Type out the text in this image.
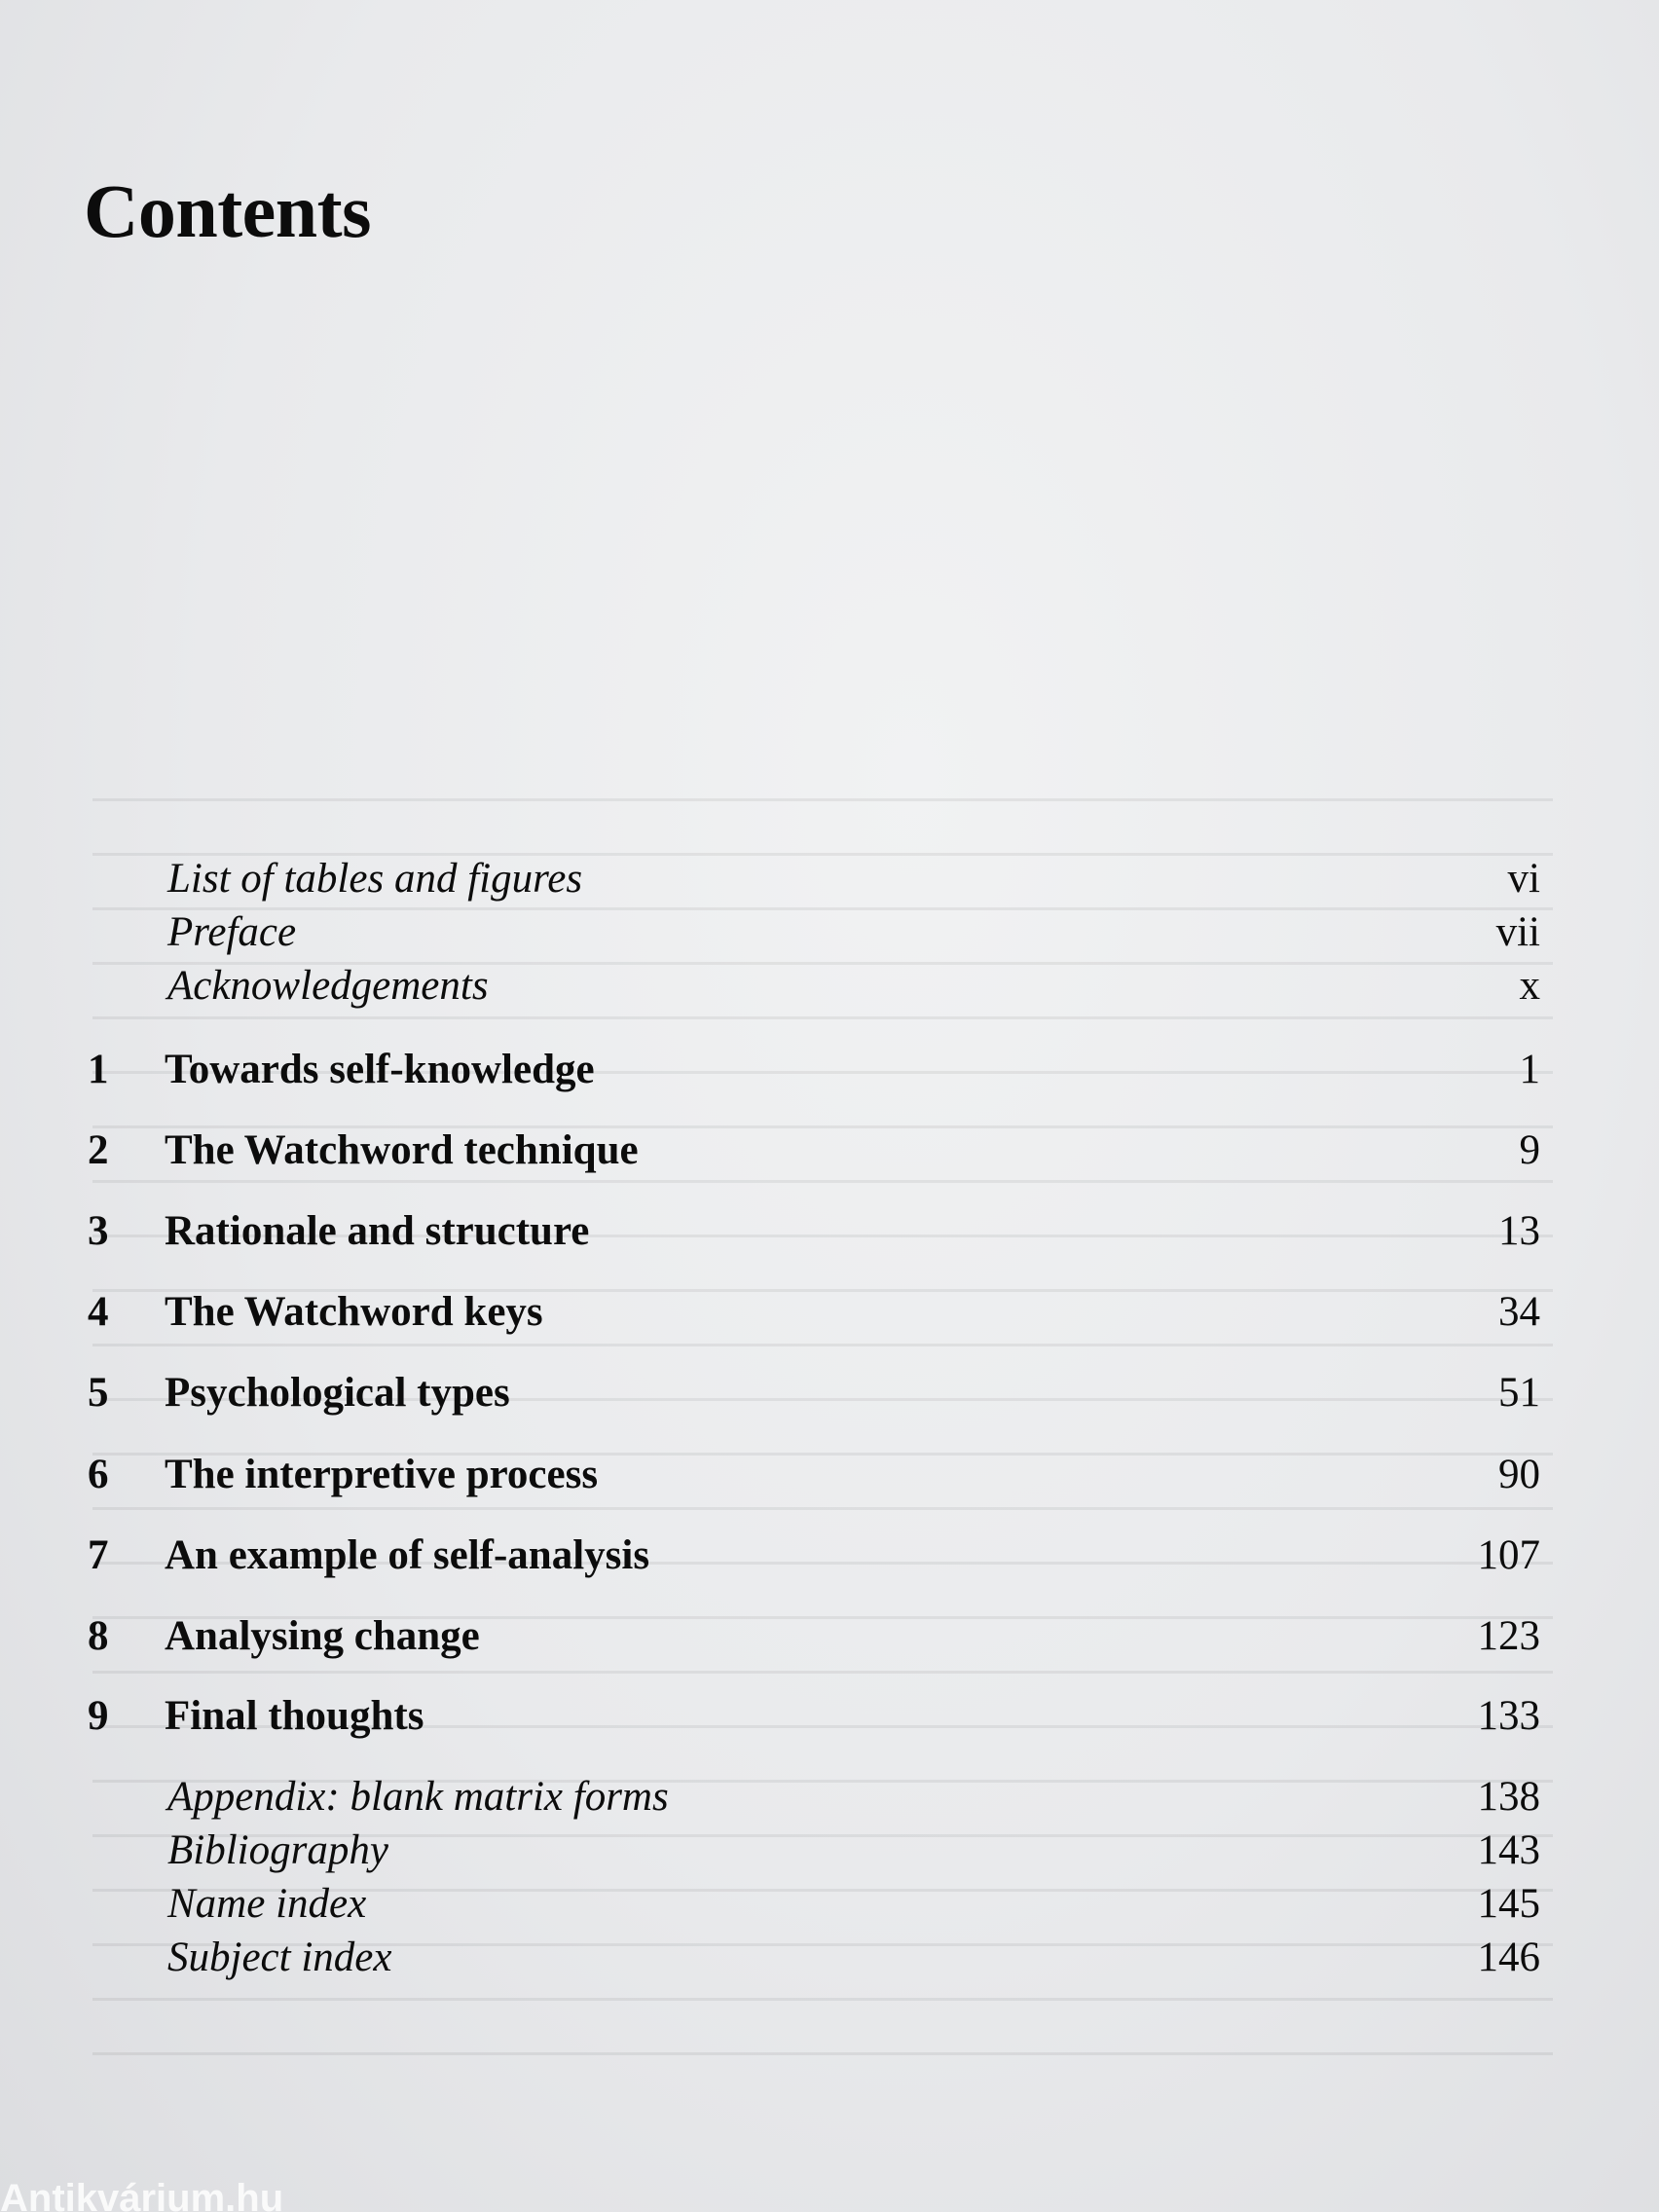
Contents
List of tables and figures	vi
Preface	vii
Acknowledgements	x
1 Towards self-knowledge	1
2 The Watchword technique	9
3 Rationale and structure	13
4 The Watchword keys	34
5 Psychological types	51
6 The interpretive process	90
7 An example of self-analysis	107
8 Analysing change	123
9 Final thoughts	133
Appendix: blank matrix forms	138
Bibliography	143
Name index	145
Subject index	146
Antikvárium.hu
